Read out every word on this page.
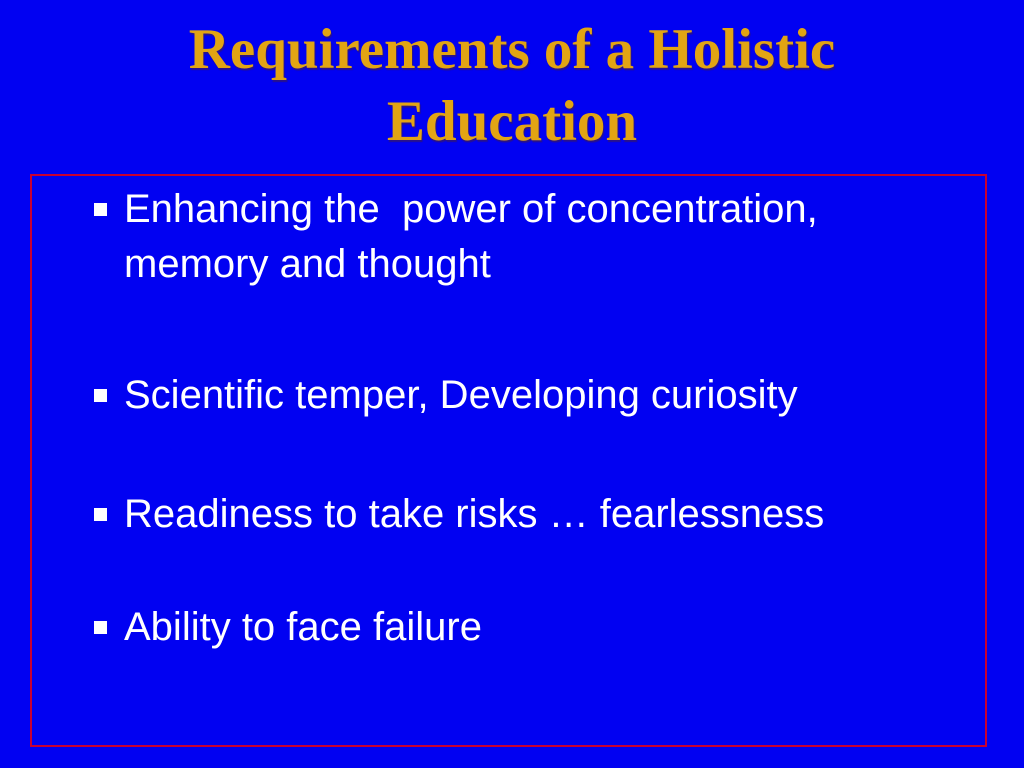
Requirements of a Holistic
Education
Enhancing the  power of concentration, memory and thought
Scientific temper, Developing curiosity
Readiness to take risks … fearlessness
Ability to face failure
